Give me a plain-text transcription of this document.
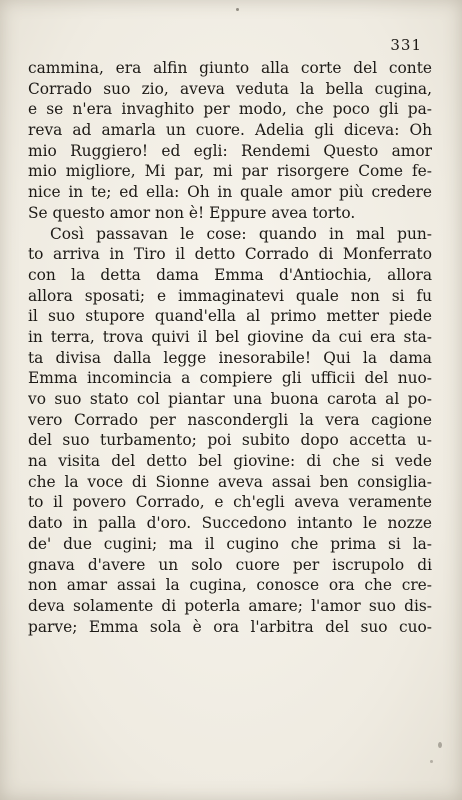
331
cammina, era alfin giunto alla corte del conte
Corrado suo zio, aveva veduta la bella cugina,
e se n'era invaghito per modo, che poco gli pa-
reva ad amarla un cuore. Adelia gli diceva: Oh
mio Ruggiero! ed egli: Rendemi Questo amor
mio migliore, Mi par, mi par risorgere Come fe-
nice in te; ed ella: Oh in quale amor più credere
Se questo amor non è! Eppure avea torto.
Così passavan le cose: quando in mal pun-
to arriva in Tiro il detto Corrado di Monferrato
con la detta dama Emma d'Antiochia, allora
allora sposati; e immaginatevi quale non si fu
il suo stupore quand'ella al primo metter piede
in terra, trova quivi il bel giovine da cui era sta-
ta divisa dalla legge inesorabile! Qui la dama
Emma incomincia a compiere gli ufficii del nuo-
vo suo stato col piantar una buona carota al po-
vero Corrado per nascondergli la vera cagione
del suo turbamento; poi subito dopo accetta u-
na visita del detto bel giovine: di che si vede
che la voce di Sionne aveva assai ben consiglia-
to il povero Corrado, e ch'egli aveva veramente
dato in palla d'oro. Succedono intanto le nozze
de' due cugini; ma il cugino che prima si la-
gnava d'avere un solo cuore per iscrupolo di
non amar assai la cugina, conosce ora che cre-
deva solamente di poterla amare; l'amor suo dis-
parve; Emma sola è ora l'arbitra del suo cuo-
